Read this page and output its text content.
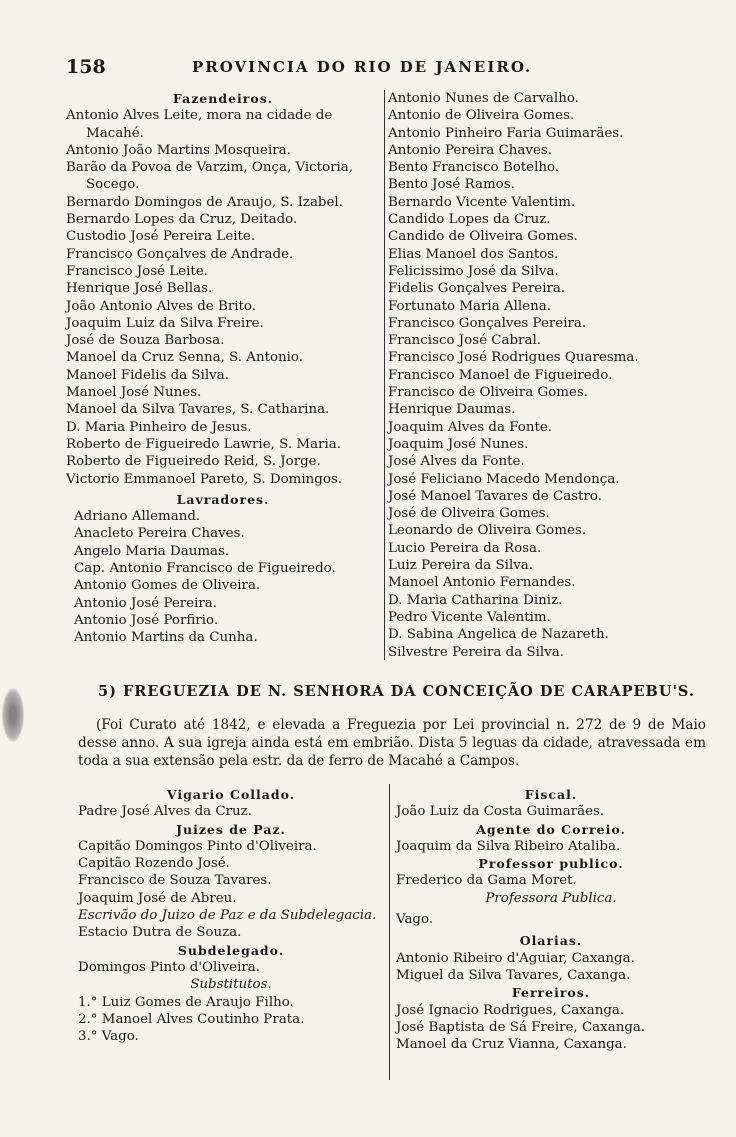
158	PROVINCIA DO RIO DE JANEIRO.
Fazendeiros.
Antonio Alves Leite, mora na cidade de Macahé.
Antonio João Martins Mosqueira.
Barão da Povoa de Varzim, Onça, Victoria, Socego.
Bernardo Domingos de Araujo, S. Izabel.
Bernardo Lopes da Cruz, Deitado.
Custodio José Pereira Leite.
Francisco Gonçalves de Andrade.
Francisco José Leite.
Henrique José Bellas.
João Antonio Alves de Brito.
Joaquim Luiz da Silva Freire.
José de Souza Barbosa.
Manoel da Cruz Senna, S. Antonio.
Manoel Fidelis da Silva.
Manoel José Nunes.
Manoel da Silva Tavares, S. Catharina.
D. Maria Pinheiro de Jesus.
Roberto de Figueiredo Lawrie, S. Maria.
Roberto de Figueiredo Reid, S. Jorge.
Victorio Emmanoel Pareto, S. Domingos.
Lavradores.
Adriano Allemand.
Anacleto Pereira Chaves.
Angelo Maria Daumas.
Cap. Antonio Francisco de Figueiredo.
Antonio Gomes de Oliveira.
Antonio José Pereira.
Antonio José Porfirio.
Antonio Martins da Cunha.
Antonio Nunes de Carvalho.
Antonio de Oliveira Gomes.
Antonio Pinheiro Faria Guimarães.
Antonio Pereira Chaves.
Bento Francisco Botelho.
Bento José Ramos.
Bernardo Vicente Valentim.
Candido Lopes da Cruz.
Candido de Oliveira Gomes.
Elias Manoel dos Santos.
Felicissimo José da Silva.
Fidelis Gonçalves Pereira.
Fortunato Maria Allena.
Francisco Gonçalves Pereira.
Francisco José Cabral.
Francisco José Rodrigues Quaresma.
Francisco Manoel de Figueiredo.
Francisco de Oliveira Gomes.
Henrique Daumas.
Joaquim Alves da Fonte.
Joaquim José Nunes.
José Alves da Fonte.
José Feliciano Macedo Mendonça.
José Manoel Tavares de Castro.
José de Oliveira Gomes.
Leonardo de Oliveira Gomes.
Lucio Pereira da Rosa.
Luiz Pereira da Silva.
Manoel Antonio Fernandes.
D. Maria Catharina Diniz.
Pedro Vicente Valentim.
D. Sabina Angelica de Nazareth.
Silvestre Pereira da Silva.
5) FREGUEZIA DE N. SENHORA DA CONCEIÇÃO DE CARAPEBU'S.
(Foi Curato até 1842, e elevada a Freguezia por Lei provincial n. 272 de 9 de Maio desse anno. A sua igreja ainda está em embrião. Dista 5 leguas da cidade, atravessada em toda a sua extensão pela estr. da de ferro de Macahé a Campos.
Vigario Collado.
Padre José Alves da Cruz.
Juizes de Paz.
Capitão Domingos Pinto d'Oliveira.
Capitão Rozendo José.
Francisco de Souza Tavares.
Joaquim José de Abreu.
Escrivão do Juizo de Paz e da Subdelegacia.
Estacio Dutra de Souza.
Subdelegado.
Domingos Pinto d'Oliveira.
Substitutos.
1.° Luiz Gomes de Araujo Filho.
2.° Manoel Alves Coutinho Prata.
3.° Vago.
Fiscal.
João Luiz da Costa Guimarães.
Agente do Correio.
Joaquim da Silva Ribeiro Ataliba.
Professor publico.
Frederico da Gama Moret.
Professora Publica.
Vago.
Olarias.
Antonio Ribeiro d'Aguiar, Caxanga.
Miguel da Silva Tavares, Caxanga.
Ferreiros.
José Ignacio Rodrigues, Caxanga.
José Baptista de Sá Freire, Caxanga.
Manoel da Cruz Vianna, Caxanga.
